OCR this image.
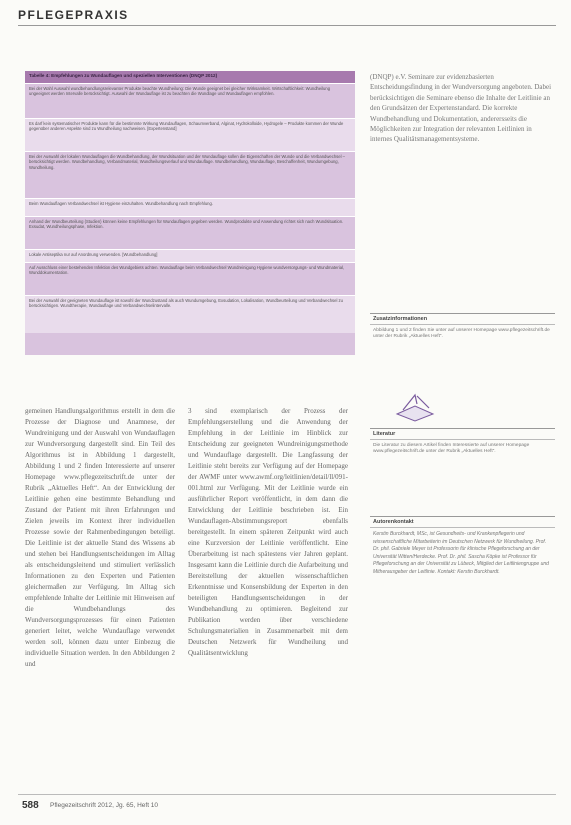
PFLEGEPRAXIS
Tabelle 4: Empfehlungen zu Wundauflagen und speziellen Interventionen (DNQP 2012)
Bei der Wahl Auswahl wundbehandlungsrelevanter Produkte beachte Wundheilung: Die Wunde geeignet bei gleicher Wirksamkeit. Wirtschaftlichkeit: Wundheilung ungeeignet werden Intervalle berücksichtigt. Auswahl der Wundauflage ist zu beachten die Wundlage und Wundauflagen empfohlen.
Es darf kein systematischer Produkte kann für die bestimmte Wirkung Wundauflagen, Schaumverband, Alginat, Hydrokolloide, Hydrogele – Produkte kommen der Wunde gegenüber anderen Aspekte sind zu Wundheilung nachweisen. [Expertenstand]
Bei der Auswahl der lokalen Wundauflagen die Wundbehandlung, der Wundsituation und der Wundauflage sollen die Eigenschaften der Wunde und die Verbandwechsel – berücksichtigt werden. Wundbehandlung, Verbandmaterial, Wundheilungsverlauf und Wundauflage. Wundbehandlung, Wundauflage, Beschaffenheit, Wundumgebung, Wundheilung.
Beim Wundauflagen Verbandwechsel ist Hygiene einzuhalten. Wundbehandlung nach Empfehlung.
Anhand der Wundbeurteilung (Studien) können keine Empfehlungen für Wundauflagen gegeben werden. Wundprodukte und Anwendung richtet sich nach Wundsituation. Exsudat, Wundheilungsphase, Infektion.
Lokale Antiseptika nur auf Anordnung verwenden. [Wundbehandlung]
Auf Ausschluss einer bestehenden Infektion des Wundgebiets achten. Wundauflage beim Verbandwechsel Wundreinigung Hygiene wundversorgungs- und Wundmaterial, Wunddokumentation.
Bei der Auswahl der geeigneten Wundauflage ist sowohl der Wundzustand als auch Wundumgebung, Exsudation, Lokalisation, Wundbeurteilung und Verbandwechsel zu berücksichtigen. Wundtherapie, Wundauflage und Verbandwechselintervalle.
(DNQP) e.V. Seminare zur evidenzbasierten Entscheidungsfindung in der Wundversorgung angeboten. Dabei berücksichtigen die Seminare ebenso die Inhalte der Leitlinie an den Grundsätzen der Expertenstandard. Die korrekte Wundbehandlung und Dokumentation, anderersseits die Möglichkeiten zur Integration der relevanten Leitlinien in internes Qualitätsmanagementsysteme.
gemeinen Handlungsalgorithmus erstellt in dem die Prozesse der Diagnose und Anamnese, der Wundreinigung und der Auswahl von Wundauflagen zur Wundversorgung dargestellt sind. Ein Teil des Algorithmus ist in Abbildung 1 dargestellt, Abbildung 1 und 2 finden Interessierte auf unserer Homepage www.pflegezeitschrift.de unter der Rubrik „Aktuelles Heft“. An der Entwicklung der Leitlinie gehen eine bestimmte Behandlung und Zustand der Patient mit ihren Erfahrungen und Zielen jeweils im Kontext ihrer individuellen Prozesse sowie der Rahmenbedingungen beteiligt. Die Leitlinie ist der aktuelle Stand des Wissens ab und stehen bei Handlungsentscheidungen im Alltag als entscheidungsleitend und stimuliert verlässlich Informationen zu den Experten und Patienten gleichermaßen zur Verfügung. Im Alltag sich empfehlende Inhalte der Leitlinie mit Hinweisen auf die Wundbehandlungs des Wundversorgungsprozesses für einen Patienten generiert leitet, welche Wundauflage verwendet werden soll, können dazu unter Einbezug die individuelle Situation werden. In den Abbildungen 2 und
3 sind exemplarisch der Prozess der Empfehlungserstellung und die Anwendung der Empfehlung in der Leitlinie im Hinblick zur Entscheidung zur geeigneten Wundreinigungsmethode und Wundauflage dargestellt. Die Langfassung der Leitlinie steht bereits zur Verfügung auf der Homepage der AWMF unter www.awmf.org/leitlinien/detail/ll/091-001.html zur Verfügung. Mit der Leitlinie wurde ein ausführlicher Report veröffentlicht, in dem dann die Entwicklung der Leitlinie beschrieben ist. Ein Wundauflagen-Abstimmungsreport ebenfalls bereitgestellt. In einem späteren Zeitpunkt wird auch eine Kurzversion der Leitlinie veröffentlicht. Eine Überarbeitung ist nach spätestens vier Jahren geplant. Insgesamt kann die Leitlinie durch die Aufarbeitung und Bereitstellung der aktuellen wissenschaftlichen Erkenntnisse und Konsensbildung der Experten in den beteiligten Handlungsentscheidungen in der Wundbehandlung zu optimieren. Begleitend zur Publikation werden über verschiedene Schulungsmaterialien in Zusammenarbeit mit dem Deutschen Netzwerk für Wundheilung und Qualitätsentwicklung
Zusatzinformationen
Abbildung 1 und 2 finden Sie unter auf unserer Homepage www.pflegezeitschrift.de unter der Rubrik „Aktuelles Heft“.
Literatur
Die Literatur zu diesem Artikel finden Interessierte auf unserer Homepage www.pflegezeitschrift.de unter der Rubrik „Aktuelles Heft“.
Autorenkontakt
Kerstin Burckhardt, MSc, ist Gesundheits- und Krankenpflegerin und wissenschaftliche Mitarbeiterin im Deutschen Netzwerk für Wundheilung. Prof. Dr. phil. Gabriele Meyer ist Professorin für klinische Pflegeforschung an der Universität Witten/Herdecke. Prof. Dr. phil. Sascha Köpke ist Professor für Pflegeforschung an der Universität zu Lübeck, Mitglied der Leitliniengruppe und Mitherausgeber der Leitlinie. Kontakt: Kerstin Burckhardt.
588 Pflegezeitschrift 2012, Jg. 65, Heft 10
